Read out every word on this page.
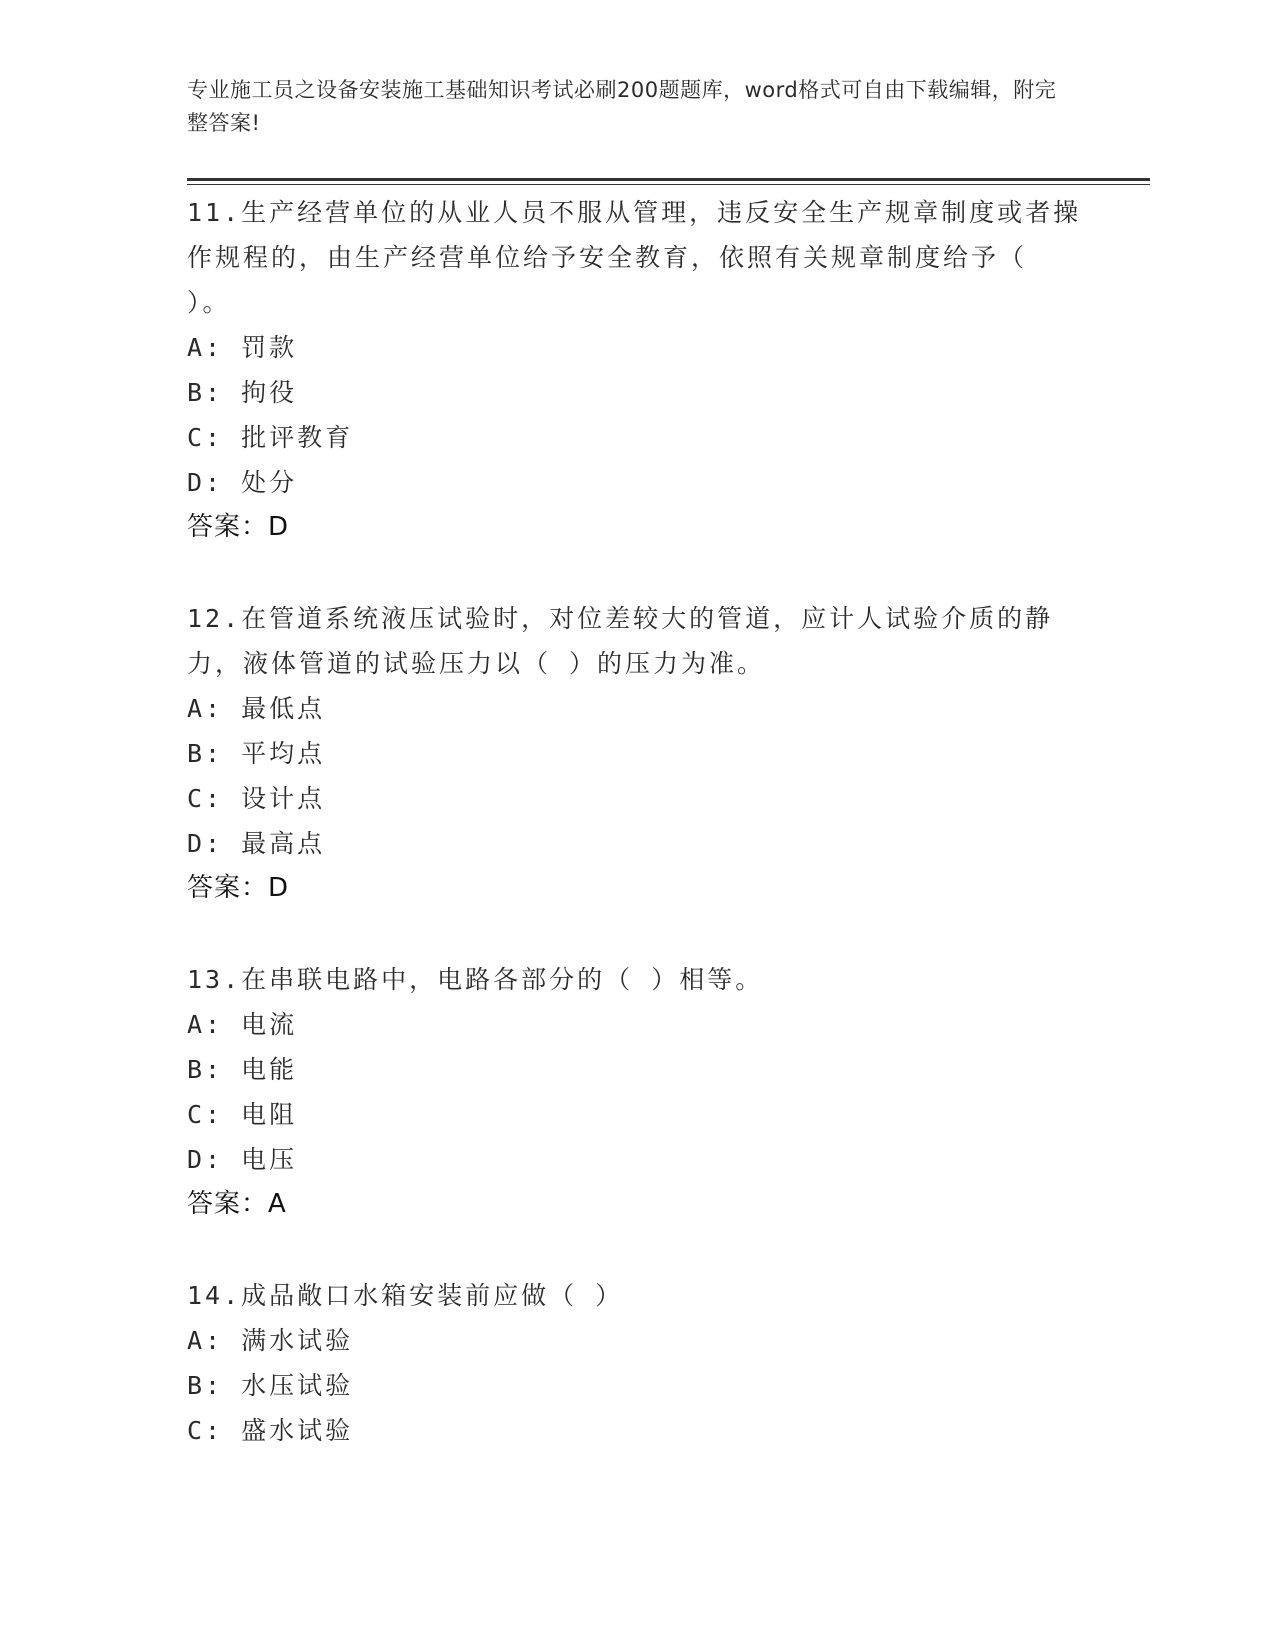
专业施工员之设备安装施工基础知识考试必刷200题题库，word格式可自由下载编辑，附完整答案!

11.生产经营单位的从业人员不服从管理，违反安全生产规章制度或者操作规程的，由生产经营单位给予安全教育，依照有关规章制度给予（ ）。

A: 罚款

B: 拘役

C: 批评教育

D: 处分

答案：D

12.在管道系统液压试验时，对位差较大的管道，应计人试验介质的静力，液体管道的试验压力以（ ）的压力为准。

A: 最低点

B: 平均点

C: 设计点

D: 最高点

答案：D

13.在串联电路中，电路各部分的（ ）相等。

A: 电流

B: 电能

C: 电阻

D: 电压

答案：A

14.成品敞口水箱安装前应做（ ）

A: 满水试验

B: 水压试验

C: 盛水试验
